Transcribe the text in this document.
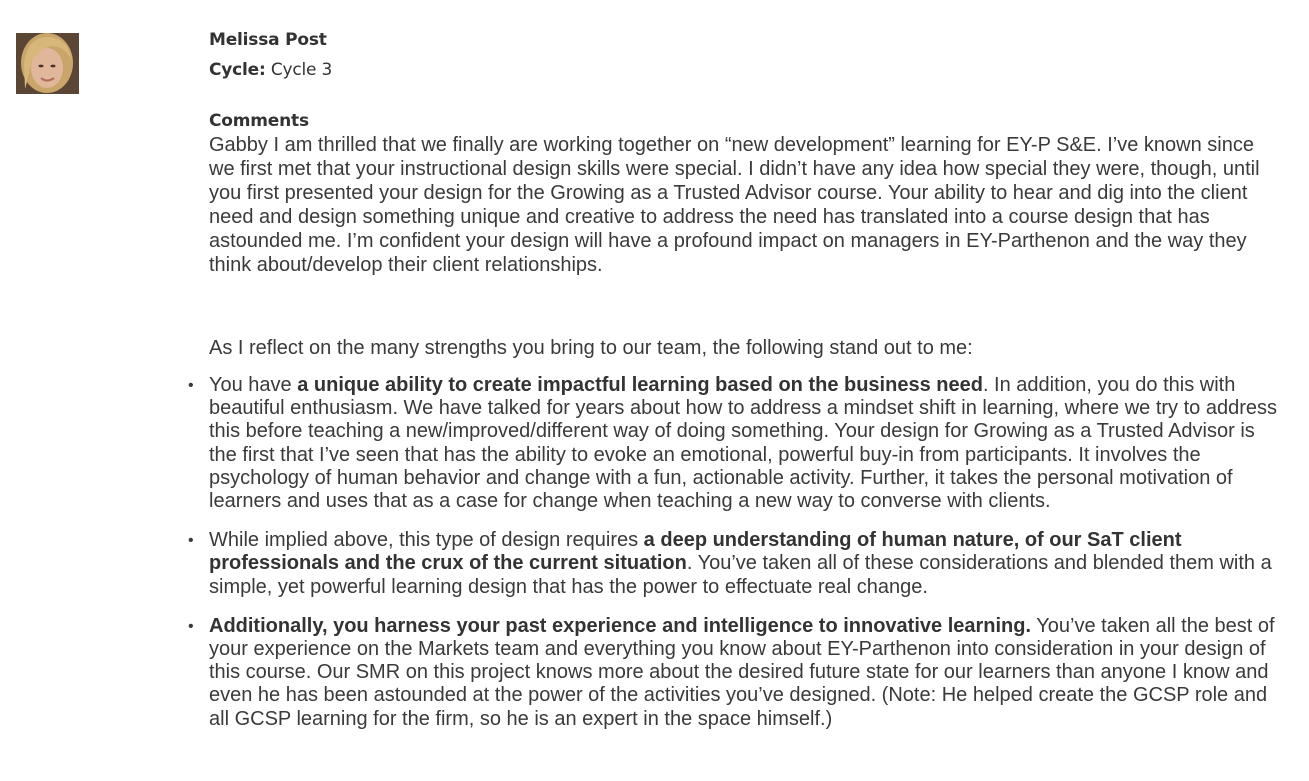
Melissa Post
Cycle: Cycle 3
Comments

Gabby I am thrilled that we finally are working together on “new development” learning for EY-P S&E. I’ve known since we first met that your instructional design skills were special. I didn’t have any idea how special they were, though, until you first presented your design for the Growing as a Trusted Advisor course. Your ability to hear and dig into the client need and design something unique and creative to address the need has translated into a course design that has astounded me. I’m confident your design will have a profound impact on managers in EY-Parthenon and the way they think about/develop their client relationships.

As I reflect on the many strengths you bring to our team, the following stand out to me:

• You have a unique ability to create impactful learning based on the business need. In addition, you do this with beautiful enthusiasm. We have talked for years about how to address a mindset shift in learning, where we try to address this before teaching a new/improved/different way of doing something. Your design for Growing as a Trusted Advisor is the first that I’ve seen that has the ability to evoke an emotional, powerful buy-in from participants. It involves the psychology of human behavior and change with a fun, actionable activity. Further, it takes the personal motivation of learners and uses that as a case for change when teaching a new way to converse with clients.
• While implied above, this type of design requires a deep understanding of human nature, of our SaT client professionals and the crux of the current situation. You’ve taken all of these considerations and blended them with a simple, yet powerful learning design that has the power to effectuate real change.
• Additionally, you harness your past experience and intelligence to innovative learning. You’ve taken all the best of your experience on the Markets team and everything you know about EY-Parthenon into consideration in your design of this course. Our SMR on this project knows more about the desired future state for our learners than anyone I know and even he has been astounded at the power of the activities you’ve designed. (Note: He helped create the GCSP role and all GCSP learning for the firm, so he is an expert in the space himself.)
